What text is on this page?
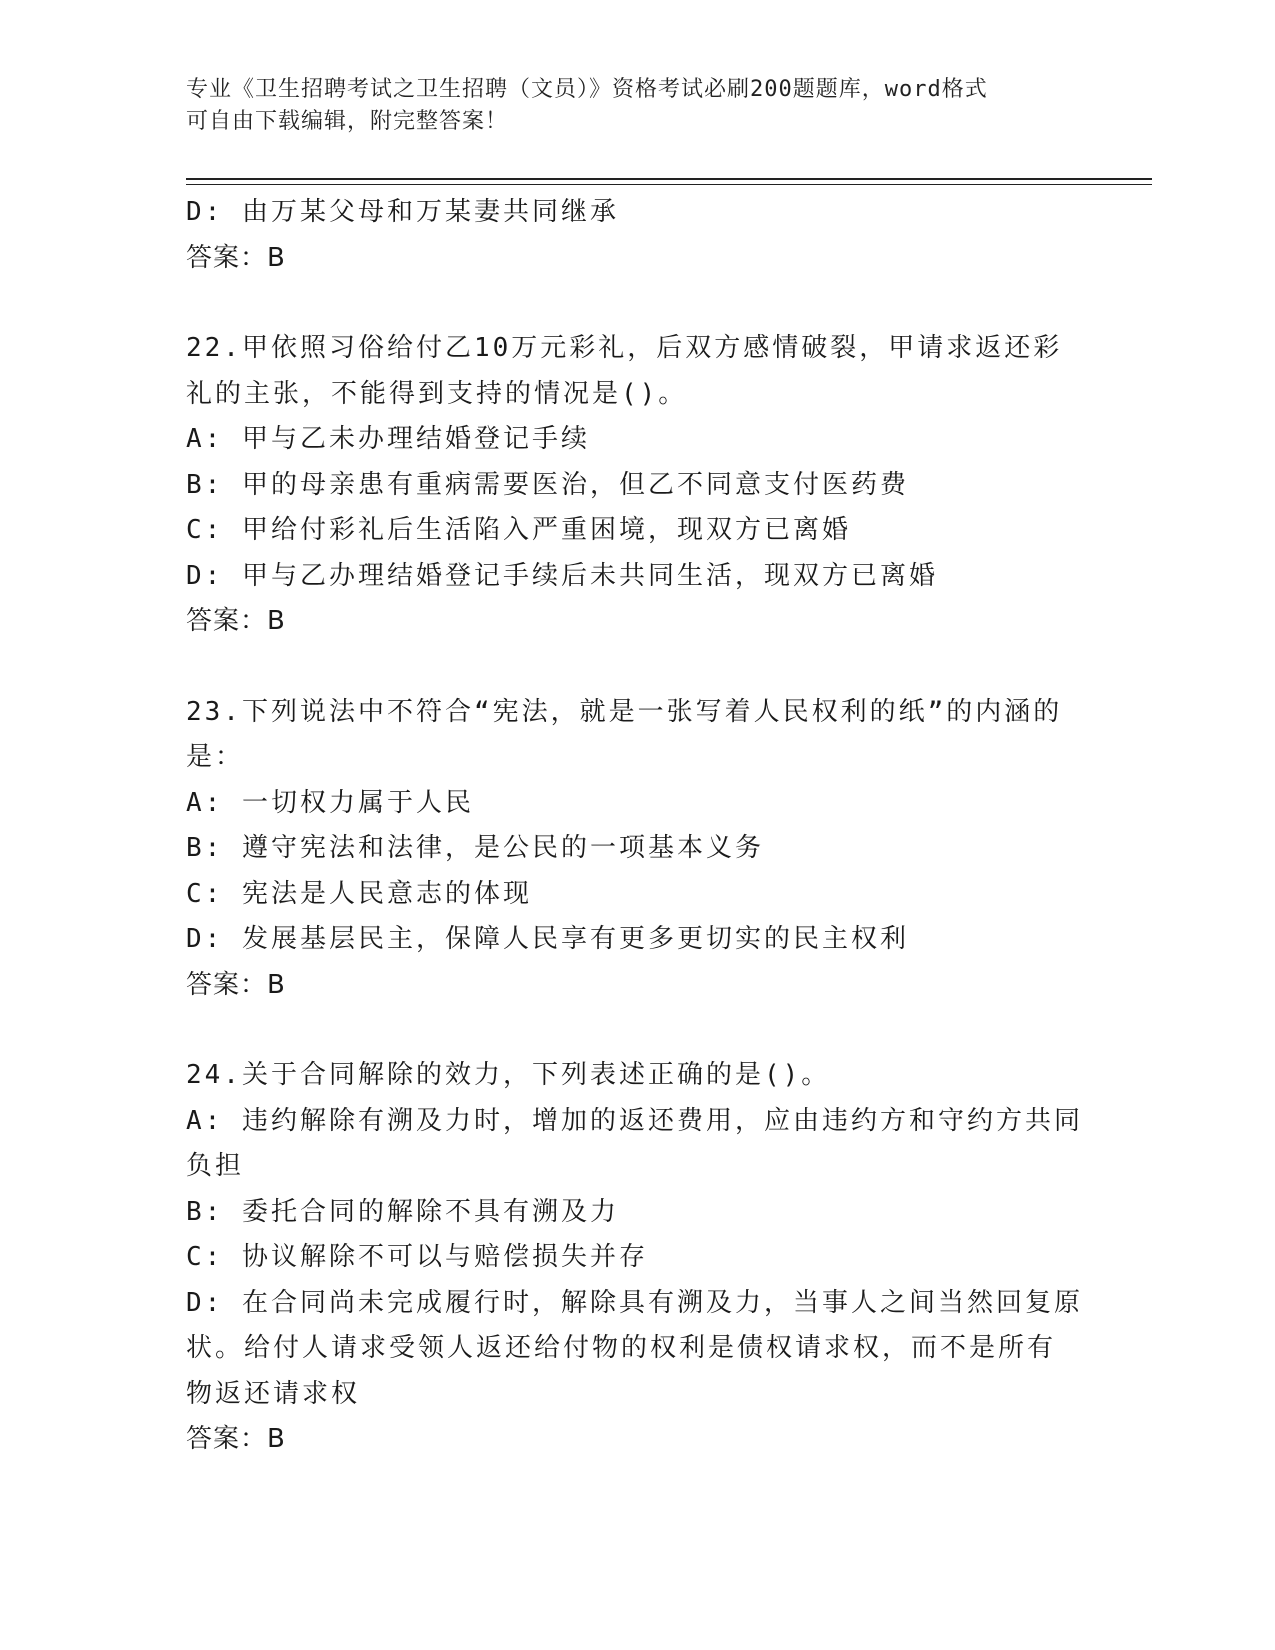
专业《卫生招聘考试之卫生招聘（文员）》资格考试必刷200题题库，word格式
可自由下载编辑，附完整答案！
D: 由万某父母和万某妻共同继承
答案：B
22.甲依照习俗给付乙10万元彩礼，后双方感情破裂，甲请求返还彩
礼的主张，不能得到支持的情况是()。
A: 甲与乙未办理结婚登记手续
B: 甲的母亲患有重病需要医治，但乙不同意支付医药费
C: 甲给付彩礼后生活陷入严重困境，现双方已离婚
D: 甲与乙办理结婚登记手续后未共同生活，现双方已离婚
答案：B
23.下列说法中不符合“宪法，就是一张写着人民权利的纸”的内涵的
是：
A: 一切权力属于人民
B: 遵守宪法和法律，是公民的一项基本义务
C: 宪法是人民意志的体现
D: 发展基层民主，保障人民享有更多更切实的民主权利
答案：B
24.关于合同解除的效力，下列表述正确的是()。
A: 违约解除有溯及力时，增加的返还费用，应由违约方和守约方共同
负担
B: 委托合同的解除不具有溯及力
C: 协议解除不可以与赔偿损失并存
D: 在合同尚未完成履行时，解除具有溯及力，当事人之间当然回复原
状。给付人请求受领人返还给付物的权利是债权请求权，而不是所有
物返还请求权
答案：B
